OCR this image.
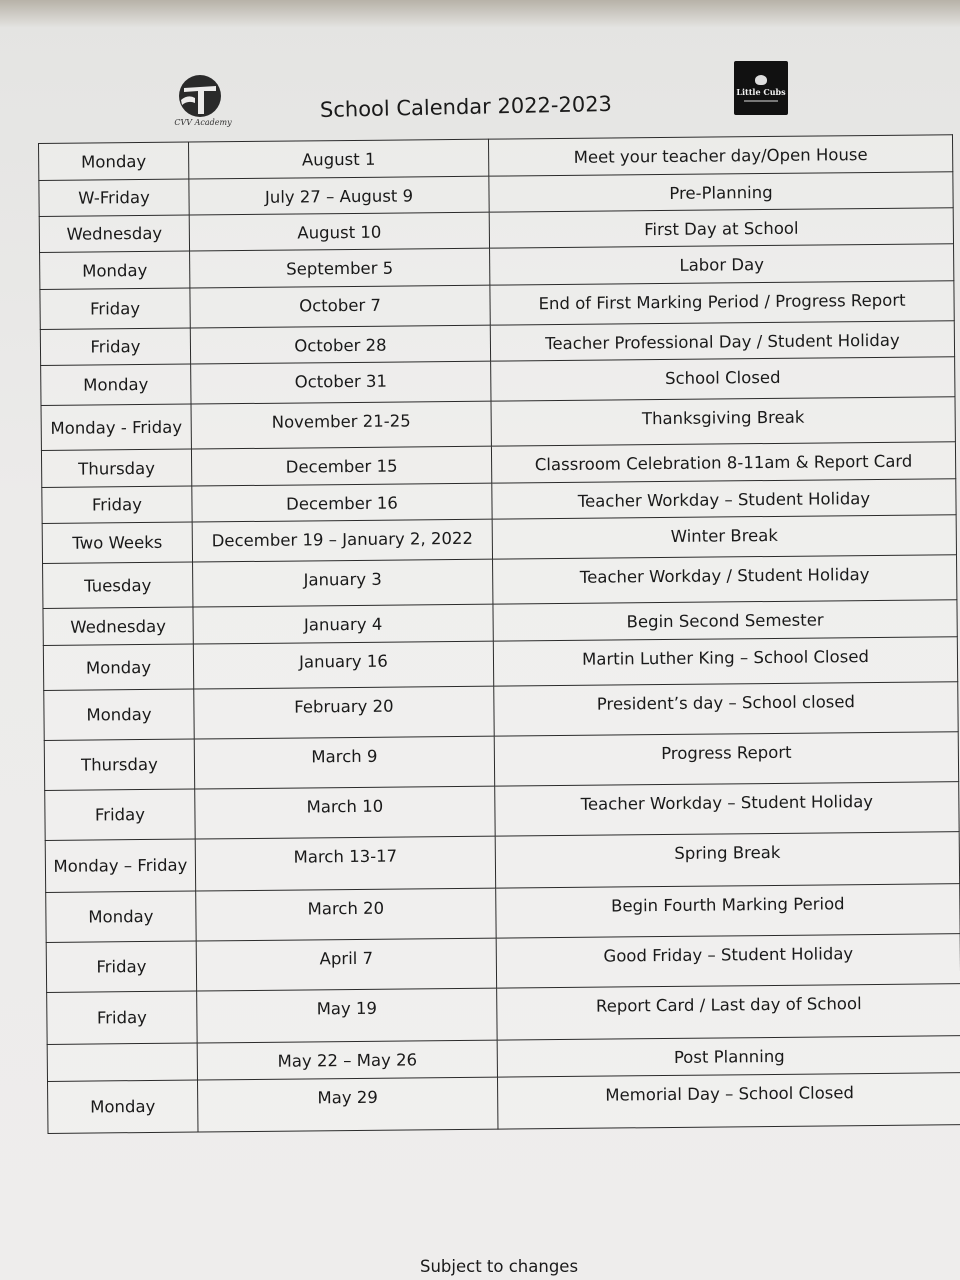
CVV Academy
Little Cubs
School Calendar 2022-2023
Monday	August 1	Meet your teacher day/Open House
W-Friday	July 27 – August 9	Pre-Planning
Wednesday	August 10	First Day at School
Monday	September 5	Labor Day
Friday	October 7	End of First Marking Period / Progress Report
Friday	October 28	Teacher Professional Day / Student Holiday
Monday	October 31	School Closed
Monday - Friday	November 21-25	Thanksgiving Break
Thursday	December 15	Classroom Celebration 8-11am & Report Card
Friday	December 16	Teacher Workday – Student Holiday
Two Weeks	December 19 – January 2, 2022	Winter Break
Tuesday	January 3	Teacher Workday / Student Holiday
Wednesday	January 4	Begin Second Semester
Monday	January 16	Martin Luther King – School Closed
Monday	February 20	President’s day – School closed
Thursday	March 9	Progress Report
Friday	March 10	Teacher Workday – Student Holiday
Monday – Friday	March 13-17	Spring Break
Monday	March 20	Begin Fourth Marking Period
Friday	April 7	Good Friday – Student Holiday
Friday	May 19	Report Card / Last day of School
	May 22 – May 26	Post Planning
Monday	May 29	Memorial Day – School Closed
Subject to changes
